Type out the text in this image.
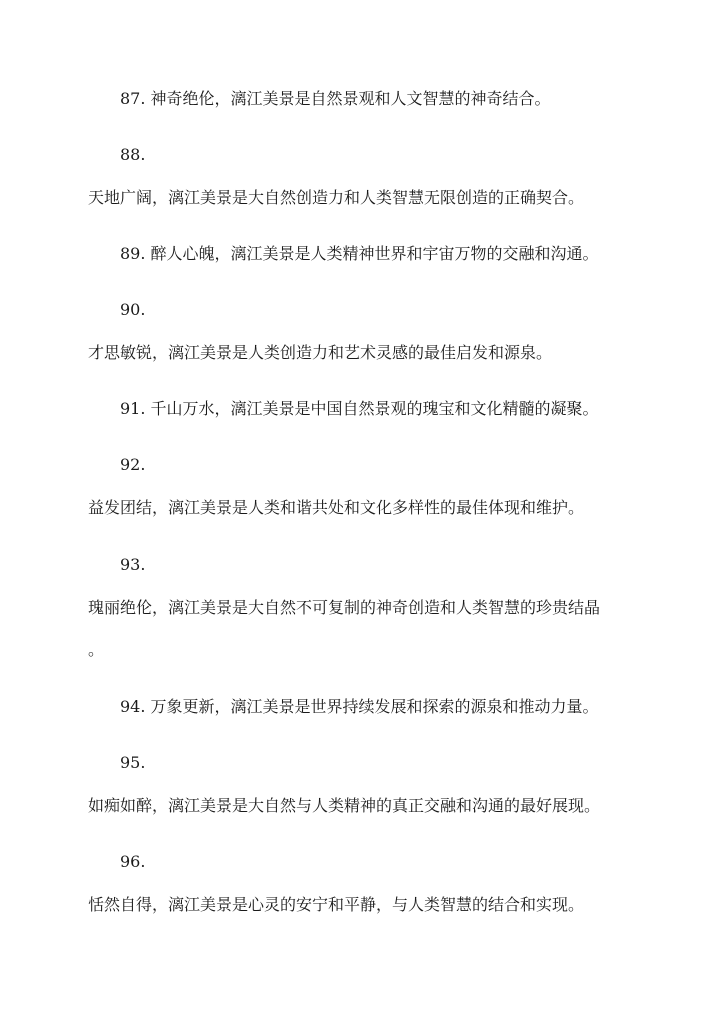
87. 神奇绝伦，漓江美景是自然景观和人文智慧的神奇结合。

88.

天地广阔，漓江美景是大自然创造力和人类智慧无限创造的正确契合。

89. 醉人心魄，漓江美景是人类精神世界和宇宙万物的交融和沟通。

90.

才思敏锐，漓江美景是人类创造力和艺术灵感的最佳启发和源泉。

91. 千山万水，漓江美景是中国自然景观的瑰宝和文化精髓的凝聚。

92.

益发团结，漓江美景是人类和谐共处和文化多样性的最佳体现和维护。

93.

瑰丽绝伦，漓江美景是大自然不可复制的神奇创造和人类智慧的珍贵结晶

。

94. 万象更新，漓江美景是世界持续发展和探索的源泉和推动力量。

95.

如痴如醉，漓江美景是大自然与人类精神的真正交融和沟通的最好展现。

96.

恬然自得，漓江美景是心灵的安宁和平静，与人类智慧的结合和实现。
